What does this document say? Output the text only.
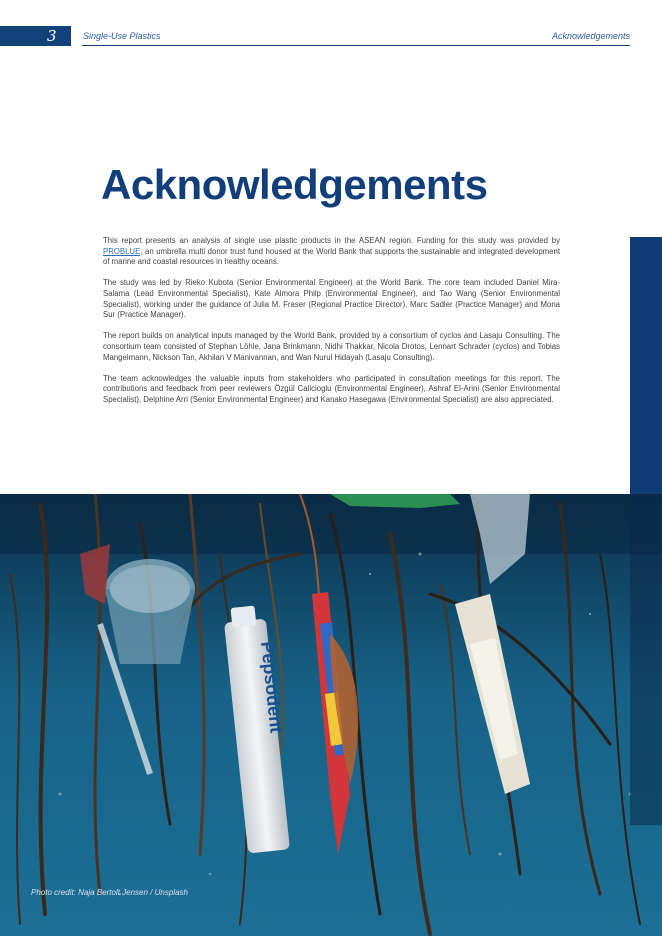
3	Single-Use Plastics	Acknowledgements
Acknowledgements

This report presents an analysis of single use plastic products in the ASEAN region. Funding for this study was provided by PROBLUE, an umbrella multi donor trust fund housed at the World Bank that supports the sustainable and integrated development of marine and coastal resources in healthy oceans.

The study was led by Rieko Kubota (Senior Environmental Engineer) at the World Bank. The core team included Daniel Mira-Salama (Lead Environmental Specialist), Kate Almora Philp (Environmental Engineer), and Tao Wang (Senior Environmental Specialist), working under the guidance of Julia M. Fraser (Regional Practice Director), Marc Sadler (Practice Manager) and Mona Sur (Practice Manager).

The report builds on analytical inputs managed by the World Bank, provided by a consortium of cyclos and Lasaju Consulting. The consortium team consisted of Stephan Löhle, Jana Brinkmann, Nidhi Thakkar, Nicola Drotos, Lennart Schrader (cyclos) and Tobias Mangelmann, Nickson Tan, Akhilan V Manivannan, and Wan Nurul Hidayah (Lasaju Consulting).

The team acknowledges the valuable inputs from stakeholders who participated in consultation meetings for this report. The contributions and feedback from peer reviewers Özgül Calicioglu (Environmental Engineer), Ashraf El-Arini (Senior Environmental Specialist), Delphine Arri (Senior Environmental Engineer) and Kanako Hasegawa (Environmental Specialist) are also appreciated.

Pepsodent
Photo credit: Naja Bertolt Jensen / Unsplash
